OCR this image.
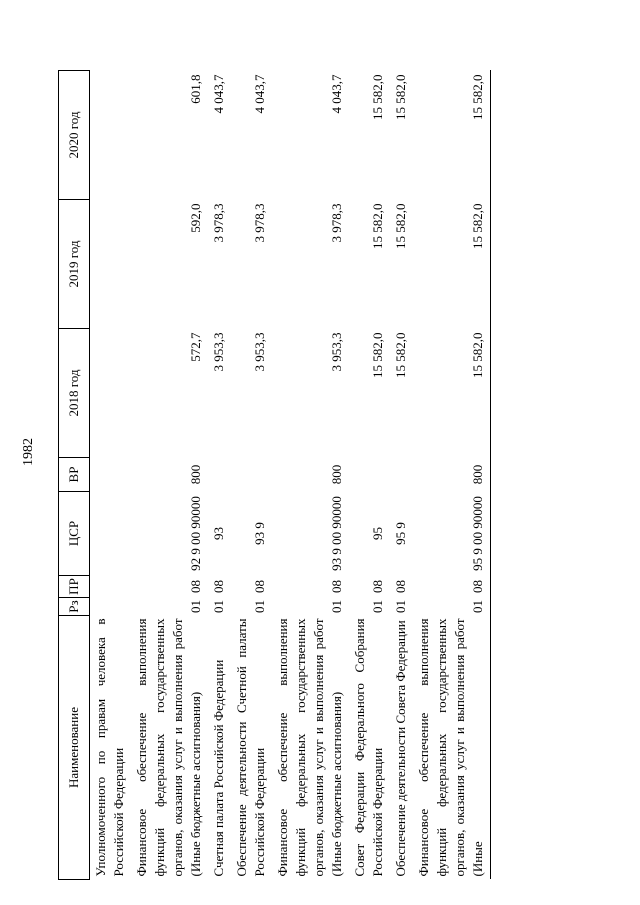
1982
Наименование	Рз	ПР	ЦСР	ВР	2018 год	2019 год	2020 год
Уполномоченного по правам человека в Российской Федерации							
Финансовое обеспечение выполнения функций федеральных государственных органов, оказания услуг и выполнения работ (Иные бюджетные ассигнования)	01	08	92 9 00 90000	800	572,7	592,0	601,8
Счетная палата Российской Федерации	01	08	93		3 953,3	3 978,3	4 043,7
Обеспечение деятельности Счетной палаты Российской Федерации	01	08	93 9		3 953,3	3 978,3	4 043,7
Финансовое обеспечение выполнения функций федеральных государственных органов, оказания услуг и выполнения работ (Иные бюджетные ассигнования)	01	08	93 9 00 90000	800	3 953,3	3 978,3	4 043,7
Совет Федерации Федерального Собрания Российской Федерации	01	08	95		15 582,0	15 582,0	15 582,0
Обеспечение деятельности Совета Федерации	01	08	95 9		15 582,0	15 582,0	15 582,0
Финансовое обеспечение выполнения функций федеральных государственных органов, оказания услуг и выполнения работ (Иные	01	08	95 9 00 90000	800	15 582,0	15 582,0	15 582,0
